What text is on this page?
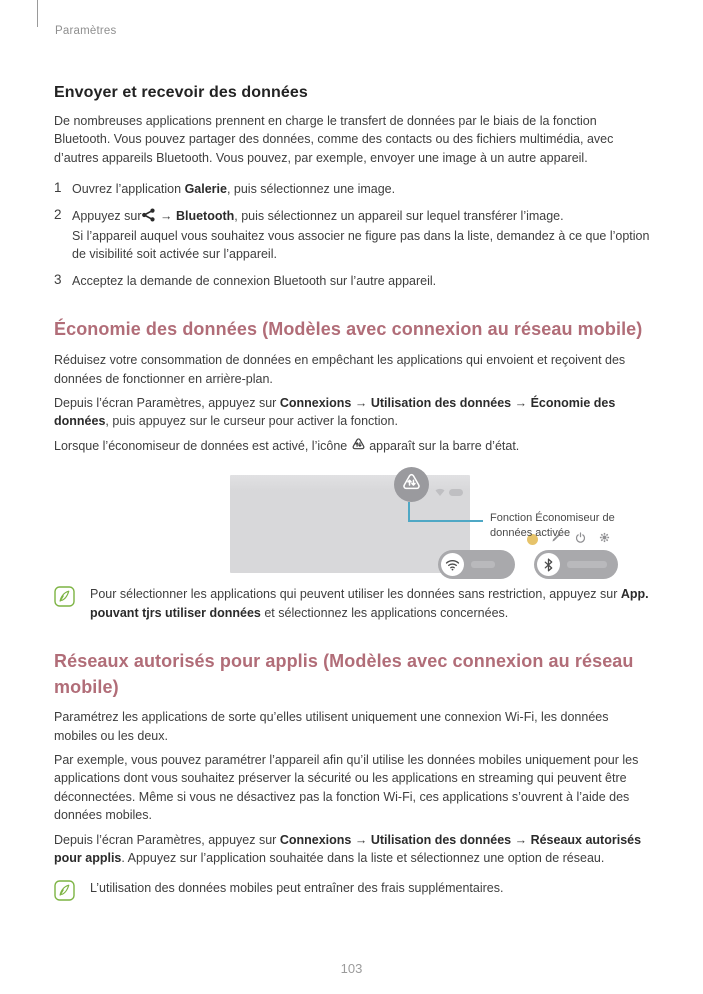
Paramètres
Envoyer et recevoir des données

De nombreuses applications prennent en charge le transfert de données par le biais de la fonction Bluetooth. Vous pouvez partager des données, comme des contacts ou des fichiers multimédia, avec d’autres appareils Bluetooth. Vous pouvez, par exemple, envoyer une image à un autre appareil.

1 Ouvrez l’application Galerie, puis sélectionnez une image.

2 Appuyez sur → Bluetooth, puis sélectionnez un appareil sur lequel transférer l’image.

Si l’appareil auquel vous souhaitez vous associer ne figure pas dans la liste, demandez à ce que l’option de visibilité soit activée sur l’appareil.

3 Acceptez la demande de connexion Bluetooth sur l’autre appareil.

Économie des données (Modèles avec connexion au réseau mobile)

Réduisez votre consommation de données en empêchant les applications qui envoient et reçoivent des données de fonctionner en arrière-plan.

Depuis l’écran Paramètres, appuyez sur Connexions → Utilisation des données → Économie des données, puis appuyez sur le curseur pour activer la fonction.

Lorsque l’économiseur de données est activé, l’icône  apparaît sur la barre d’état.

Fonction Économiseur de données activée

Pour sélectionner les applications qui peuvent utiliser les données sans restriction, appuyez sur App. pouvant tjrs utiliser données et sélectionnez les applications concernées.

Réseaux autorisés pour applis (Modèles avec connexion au réseau mobile)

Paramétrez les applications de sorte qu’elles utilisent uniquement une connexion Wi-Fi, les données mobiles ou les deux.

Par exemple, vous pouvez paramétrer l’appareil afin qu’il utilise les données mobiles uniquement pour les applications dont vous souhaitez préserver la sécurité ou les applications en streaming qui peuvent être déconnectées. Même si vous ne désactivez pas la fonction Wi-Fi, ces applications s’ouvrent à l’aide des données mobiles.

Depuis l’écran Paramètres, appuyez sur Connexions → Utilisation des données → Réseaux autorisés pour applis. Appuyez sur l’application souhaitée dans la liste et sélectionnez une option de réseau.

L’utilisation des données mobiles peut entraîner des frais supplémentaires.

103
